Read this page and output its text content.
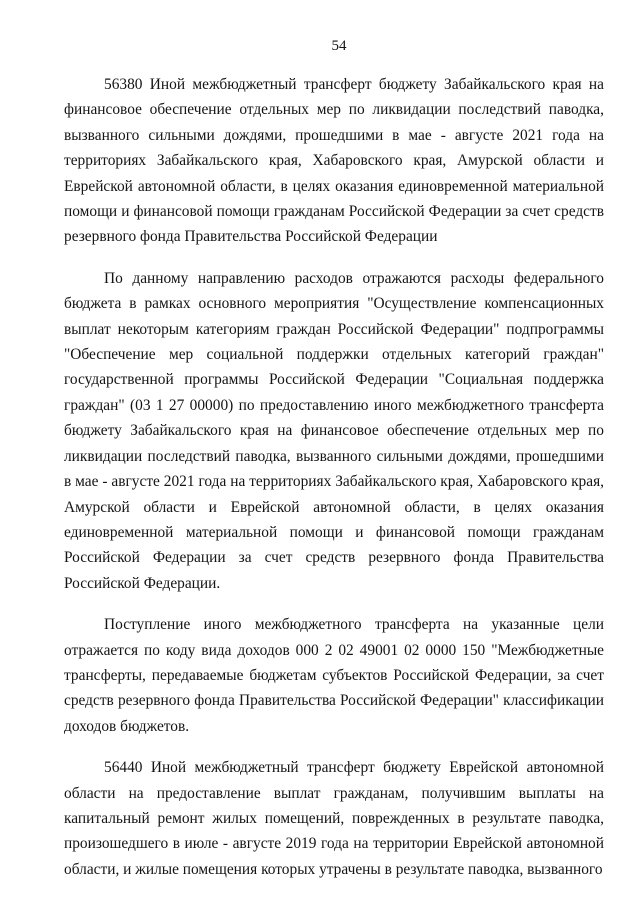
54

56380 Иной межбюджетный трансферт бюджету Забайкальского края на финансовое обеспечение отдельных мер по ликвидации последствий паводка, вызванного сильными дождями, прошедшими в мае - августе 2021 года на территориях Забайкальского края, Хабаровского края, Амурской области и Еврейской автономной области, в целях оказания единовременной материальной помощи и финансовой помощи гражданам Российской Федерации за счет средств резервного фонда Правительства Российской Федерации

По данному направлению расходов отражаются расходы федерального бюджета в рамках основного мероприятия "Осуществление компенсационных выплат некоторым категориям граждан Российской Федерации" подпрограммы "Обеспечение мер социальной поддержки отдельных категорий граждан" государственной программы Российской Федерации "Социальная поддержка граждан" (03 1 27 00000) по предоставлению иного межбюджетного трансферта бюджету Забайкальского края на финансовое обеспечение отдельных мер по ликвидации последствий паводка, вызванного сильными дождями, прошедшими в мае - августе 2021 года на территориях Забайкальского края, Хабаровского края, Амурской области и Еврейской автономной области, в целях оказания единовременной материальной помощи и финансовой помощи гражданам Российской Федерации за счет средств резервного фонда Правительства Российской Федерации.

Поступление иного межбюджетного трансферта на указанные цели отражается по коду вида доходов 000 2 02 49001 02 0000 150 "Межбюджетные трансферты, передаваемые бюджетам субъектов Российской Федерации, за счет средств резервного фонда Правительства Российской Федерации" классификации доходов бюджетов.

56440 Иной межбюджетный трансферт бюджету Еврейской автономной области на предоставление выплат гражданам, получившим выплаты на капитальный ремонт жилых помещений, поврежденных в результате паводка, произошедшего в июле - августе 2019 года на территории Еврейской автономной области, и жилые помещения которых утрачены в результате паводка, вызванного
